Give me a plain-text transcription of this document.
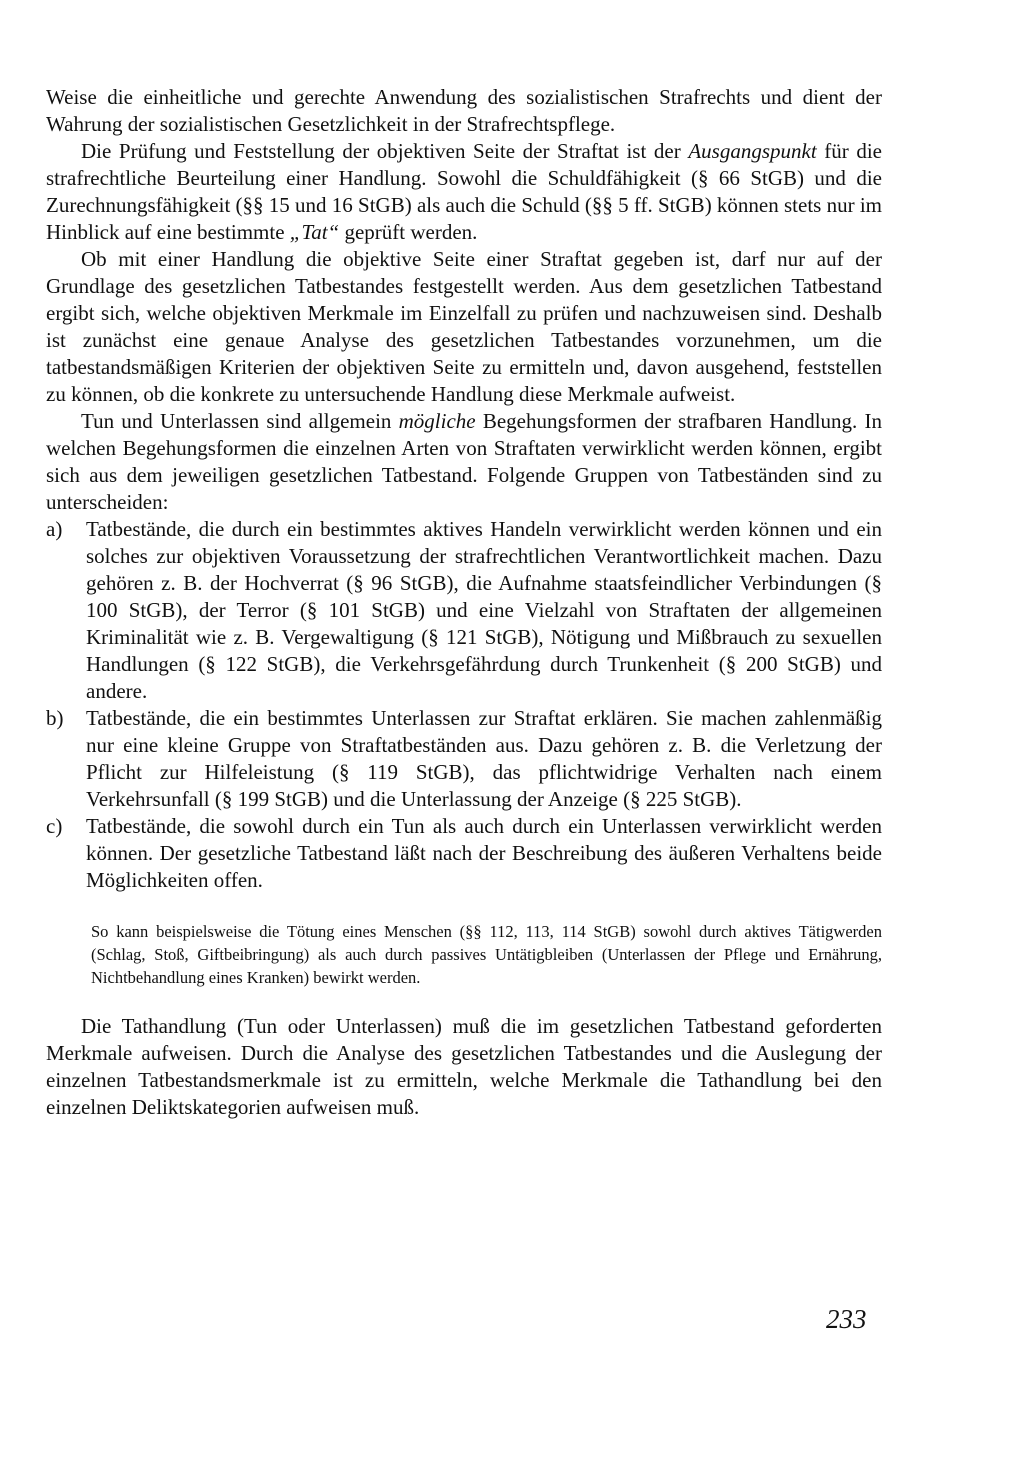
Weise die einheitliche und gerechte Anwendung des sozialistischen Strafrechts und dient der Wahrung der sozialistischen Gesetzlichkeit in der Strafrechtspflege.

Die Prüfung und Feststellung der objektiven Seite der Straftat ist der Ausgangspunkt für die strafrechtliche Beurteilung einer Handlung. Sowohl die Schuldfähigkeit (§ 66 StGB) und die Zurechnungsfähigkeit (§§ 15 und 16 StGB) als auch die Schuld (§§ 5 ff. StGB) können stets nur im Hinblick auf eine bestimmte „Tat“ geprüft werden.

Ob mit einer Handlung die objektive Seite einer Straftat gegeben ist, darf nur auf der Grundlage des gesetzlichen Tatbestandes festgestellt werden. Aus dem gesetzlichen Tatbestand ergibt sich, welche objektiven Merkmale im Einzelfall zu prüfen und nachzuweisen sind. Deshalb ist zunächst eine genaue Analyse des gesetzlichen Tatbestandes vorzunehmen, um die tatbestandsmäßigen Kriterien der objektiven Seite zu ermitteln und, davon ausgehend, feststellen zu können, ob die konkrete zu untersuchende Handlung diese Merkmale aufweist.

Tun und Unterlassen sind allgemein mögliche Begehungsformen der strafbaren Handlung. In welchen Begehungsformen die einzelnen Arten von Straftaten verwirklicht werden können, ergibt sich aus dem jeweiligen gesetzlichen Tatbestand. Folgende Gruppen von Tatbeständen sind zu unterscheiden:

a)	Tatbestände, die durch ein bestimmtes aktives Handeln verwirklicht werden können und ein solches zur objektiven Voraussetzung der strafrechtlichen Verantwortlichkeit machen. Dazu gehören z. B. der Hochverrat (§ 96 StGB), die Aufnahme staatsfeindlicher Verbindungen (§ 100 StGB), der Terror (§ 101 StGB) und eine Vielzahl von Straftaten der allgemeinen Kriminalität wie z. B. Vergewaltigung (§ 121 StGB), Nötigung und Mißbrauch zu sexuellen Handlungen (§ 122 StGB), die Verkehrsgefährdung durch Trunkenheit (§ 200 StGB) und andere.
b)	Tatbestände, die ein bestimmtes Unterlassen zur Straftat erklären. Sie machen zahlenmäßig nur eine kleine Gruppe von Straftatbeständen aus. Dazu gehören z. B. die Verletzung der Pflicht zur Hilfeleistung (§ 119 StGB), das pflichtwidrige Verhalten nach einem Verkehrsunfall (§ 199 StGB) und die Unterlassung der Anzeige (§ 225 StGB).
c)	Tatbestände, die sowohl durch ein Tun als auch durch ein Unterlassen verwirklicht werden können. Der gesetzliche Tatbestand läßt nach der Beschreibung des äußeren Verhaltens beide Möglichkeiten offen.

So kann beispielsweise die Tötung eines Menschen (§§ 112, 113, 114 StGB) sowohl durch aktives Tätigwerden (Schlag, Stoß, Giftbeibringung) als auch durch passives Untätigbleiben (Unterlassen der Pflege und Ernährung, Nichtbehandlung eines Kranken) bewirkt werden.

Die Tathandlung (Tun oder Unterlassen) muß die im gesetzlichen Tatbestand geforderten Merkmale aufweisen. Durch die Analyse des gesetzlichen Tatbestandes und die Auslegung der einzelnen Tatbestandsmerkmale ist zu ermitteln, welche Merkmale die Tathandlung bei den einzelnen Deliktskategorien aufweisen muß.

233
